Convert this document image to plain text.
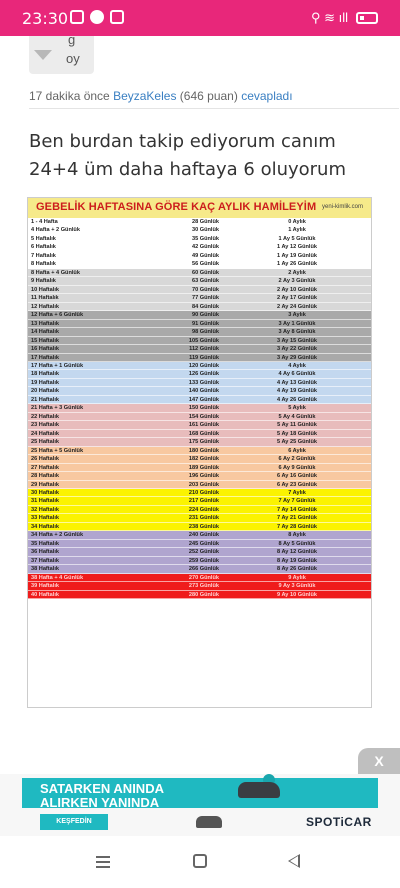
23:30	⚲ ≋ ıll
g
oy
17 dakika önce BeyzaKeles (646 puan) cevapladı
Ben burdan takip ediyorum canım 24+4 üm daha haftaya 6 oluyorum
GEBELİK HAFTASINA GÖRE KAÇ AYLIK HAMİLEYİM yeni-kimlik.com
1 - 4 Hafta	28 Günlük	0 Aylık
4 Hafta + 2 Günlük	30 Günlük	1 Aylık
5 Haftalık	35 Günlük	1 Ay 5 Günlük
6 Haftalık	42 Günlük	1 Ay 12 Günlük
7 Haftalık	49 Günlük	1 Ay 19 Günlük
8 Haftalık	56 Günlük	1 Ay 26 Günlük
8 Hafta + 4 Günlük	60 Günlük	2 Aylık
9 Haftalık	63 Günlük	2 Ay 3 Günlük
10 Haftalık	70 Günlük	2 Ay 10 Günlük
11 Haftalık	77 Günlük	2 Ay 17 Günlük
12 Haftalık	84 Günlük	2 Ay 24 Günlük
12 Hafta + 6 Günlük	90 Günlük	3 Aylık
13 Haftalık	91 Günlük	3 Ay 1 Günlük
14 Haftalık	98 Günlük	3 Ay 8 Günlük
15 Haftalık	105 Günlük	3 Ay 15 Günlük
16 Haftalık	112 Günlük	3 Ay 22 Günlük
17 Haftalık	119 Günlük	3 Ay 29 Günlük
17 Hafta + 1 Günlük	120 Günlük	4 Aylık
18 Haftalık	126 Günlük	4 Ay 6 Günlük
19 Haftalık	133 Günlük	4 Ay 13 Günlük
20 Haftalık	140 Günlük	4 Ay 19 Günlük
21 Haftalık	147 Günlük	4 Ay 26 Günlük
21 Hafta + 3 Günlük	150 Günlük	5 Aylık
22 Haftalık	154 Günlük	5 Ay 4 Günlük
23 Haftalık	161 Günlük	5 Ay 11 Günlük
24 Haftalık	168 Günlük	5 Ay 18 Günlük
25 Haftalık	175 Günlük	5 Ay 25 Günlük
25 Hafta + 5 Günlük	180 Günlük	6 Aylık
26 Haftalık	182 Günlük	6 Ay 2 Günlük
27 Haftalık	189 Günlük	6 Ay 9 Günlük
28 Haftalık	196 Günlük	6 Ay 16 Günlük
29 Haftalık	203 Günlük	6 Ay 23 Günlük
30 Haftalık	210 Günlük	7 Aylık
31 Haftalık	217 Günlük	7 Ay 7 Günlük
32 Haftalık	224 Günlük	7 Ay 14 Günlük
33 Haftalık	231 Günlük	7 Ay 21 Günlük
34 Haftalık	238 Günlük	7 Ay 28 Günlük
34 Hafta + 2 Günlük	240 Günlük	8 Aylık
35 Haftalık	245 Günlük	8 Ay 5 Günlük
36 Haftalık	252 Günlük	8 Ay 12 Günlük
37 Haftalık	259 Günlük	8 Ay 19 Günlük
38 Haftalık	266 Günlük	8 Ay 26 Günlük
38 Hafta + 4 Günlük	270 Günlük	9 Aylık
39 Haftalık	273 Günlük	9 Ay 3 Günlük
40 Haftalık	280 Günlük	9 Ay 10 Günlük
X
SATARKEN ANINDA
ALIRKEN YANINDA
KEŞFEDİN	SPOTiCAR
